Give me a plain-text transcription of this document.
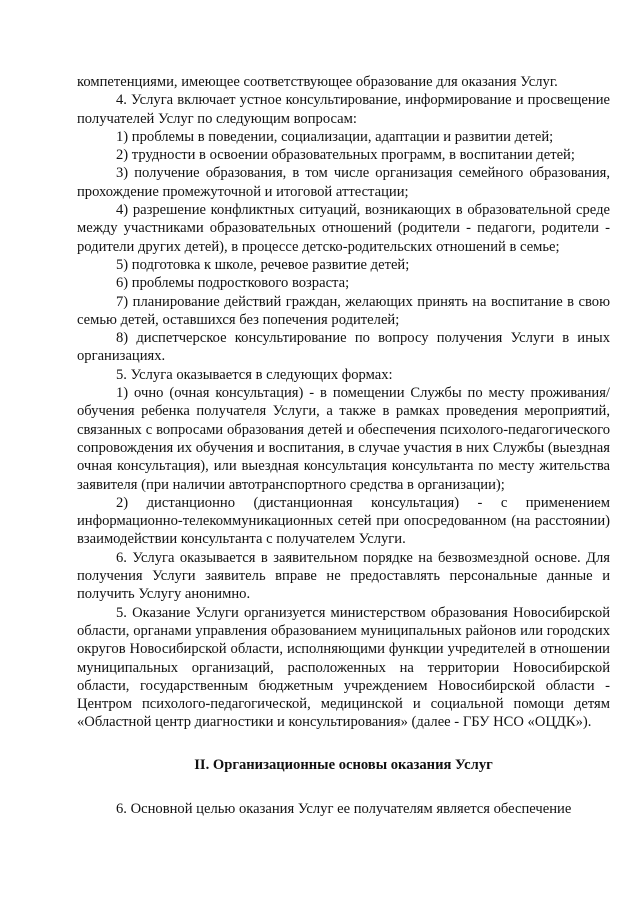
компетенциями, имеющее соответствующее образование для оказания Услуг.

4. Услуга включает устное консультирование, информирование и просвещение получателей Услуг по следующим вопросам:

1) проблемы в поведении, социализации, адаптации и развитии детей;

2) трудности в освоении образовательных программ, в воспитании детей;

3) получение образования, в том числе организация семейного образования, прохождение промежуточной и итоговой аттестации;

4) разрешение конфликтных ситуаций, возникающих в образовательной среде между участниками образовательных отношений (родители - педагоги, родители - родители других детей), в процессе детско-родительских отношений в семье;

5) подготовка к школе, речевое развитие детей;

6) проблемы подросткового возраста;

7) планирование действий граждан, желающих принять на воспитание в свою семью детей, оставшихся без попечения родителей;

8) диспетчерское консультирование по вопросу получения Услуги в иных организациях.

5. Услуга оказывается в следующих формах:

1) очно (очная консультация) - в помещении Службы по месту проживания/обучения ребенка получателя Услуги, а также в рамках проведения мероприятий, связанных с вопросами образования детей и обеспечения психолого-педагогического сопровождения их обучения и воспитания, в случае участия в них Службы (выездная очная консультация), или выездная консультация консультанта по месту жительства заявителя (при наличии автотранспортного средства в организации);

2) дистанционно (дистанционная консультация) - с применением информационно-телекоммуникационных сетей при опосредованном (на расстоянии) взаимодействии консультанта с получателем Услуги.

6. Услуга оказывается в заявительном порядке на безвозмездной основе. Для получения Услуги заявитель вправе не предоставлять персональные данные и получить Услугу анонимно.

5. Оказание Услуги организуется министерством образования Новосибирской области, органами управления образованием муниципальных районов или городских округов Новосибирской области, исполняющими функции учредителей в отношении муниципальных организаций, расположенных на территории Новосибирской области, государственным бюджетным учреждением Новосибирской области - Центром психолого-педагогической, медицинской и социальной помощи детям «Областной центр диагностики и консультирования» (далее - ГБУ НСО «ОЦДК»).

II. Организационные основы оказания Услуг

6. Основной целью оказания Услуг ее получателям является обеспечение
